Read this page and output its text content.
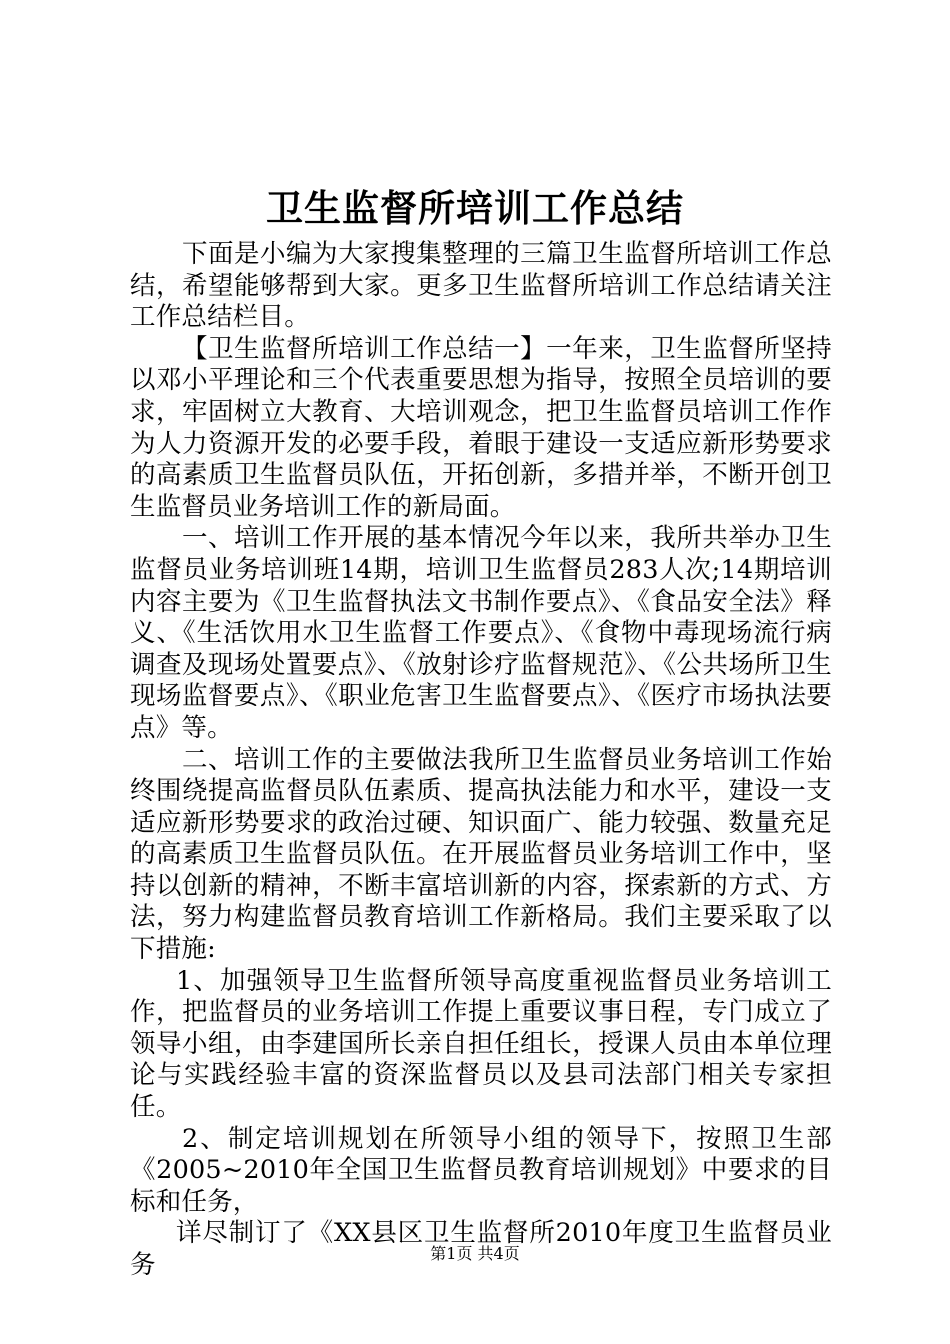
卫生监督所培训工作总结

下面是小编为大家搜集整理的三篇卫生监督所培训工作总结，希望能够帮到大家。更多卫生监督所培训工作总结请关注工作总结栏目。

【卫生监督所培训工作总结一】一年来，卫生监督所坚持以邓小平理论和三个代表重要思想为指导，按照全员培训的要求，牢固树立大教育、大培训观念，把卫生监督员培训工作作为人力资源开发的必要手段，着眼于建设一支适应新形势要求的高素质卫生监督员队伍，开拓创新，多措并举，不断开创卫生监督员业务培训工作的新局面。

一、培训工作开展的基本情况今年以来，我所共举办卫生监督员业务培训班14期，培训卫生监督员283人次;14期培训内容主要为《卫生监督执法文书制作要点》、《食品安全法》释义、《生活饮用水卫生监督工作要点》、《食物中毒现场流行病调查及现场处置要点》、《放射诊疗监督规范》、《公共场所卫生现场监督要点》、《职业危害卫生监督要点》、《医疗市场执法要点》等。

二、培训工作的主要做法我所卫生监督员业务培训工作始终围绕提高监督员队伍素质、提高执法能力和水平，建设一支适应新形势要求的政治过硬、知识面广、能力较强、数量充足的高素质卫生监督员队伍。在开展监督员业务培训工作中，坚持以创新的精神，不断丰富培训新的内容，探索新的方式、方法，努力构建监督员教育培训工作新格局。我们主要采取了以下措施:

1、加强领导卫生监督所领导高度重视监督员业务培训工作，把监督员的业务培训工作提上重要议事日程，专门成立了领导小组，由李建国所长亲自担任组长，授课人员由本单位理论与实践经验丰富的资深监督员以及县司法部门相关专家担任。

2、制定培训规划在所领导小组的领导下，按照卫生部《2005~2010年全国卫生监督员教育培训规划》中要求的目标和任务，

详尽制订了《XX县区卫生监督所2010年度卫生监督员业务	第1页 共4页
